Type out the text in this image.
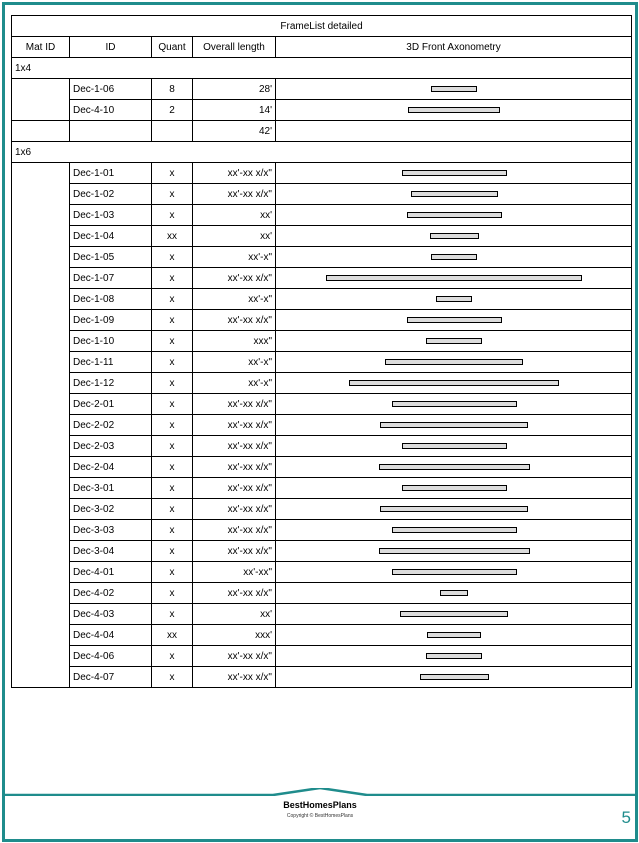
FrameList detailed				
Mat ID	ID	Quant	Overall length	3D Front Axonometry
1x4				
	Dec-1-06	8	28'	

	Dec-4-10	2	14'	

			42'	
1x6				
	Dec-1-01	x	xx'-xx x/x"	

	Dec-1-02	x	xx'-xx x/x"	

	Dec-1-03	x	xx'	

	Dec-1-04	xx	xx'	

	Dec-1-05	x	xx'-x"	

	Dec-1-07	x	xx'-xx x/x"	

	Dec-1-08	x	xx'-x"	

	Dec-1-09	x	xx'-xx x/x"	

	Dec-1-10	x	xxx"	

	Dec-1-11	x	xx'-x"	

	Dec-1-12	x	xx'-x"	

	Dec-2-01	x	xx'-xx x/x"	

	Dec-2-02	x	xx'-xx x/x"	

	Dec-2-03	x	xx'-xx x/x"	

	Dec-2-04	x	xx'-xx x/x"	

	Dec-3-01	x	xx'-xx x/x"	

	Dec-3-02	x	xx'-xx x/x"	

	Dec-3-03	x	xx'-xx x/x"	

	Dec-3-04	x	xx'-xx x/x"	

	Dec-4-01	x	xx'-xx"	

	Dec-4-02	x	xx'-xx x/x"	

	Dec-4-03	x	xx'	

	Dec-4-04	xx	xxx'	

	Dec-4-06	x	xx'-xx x/x"	

	Dec-4-07	x	xx'-xx x/x"	
BestHomesPlans
Copyright © BestHomesPlans	5
